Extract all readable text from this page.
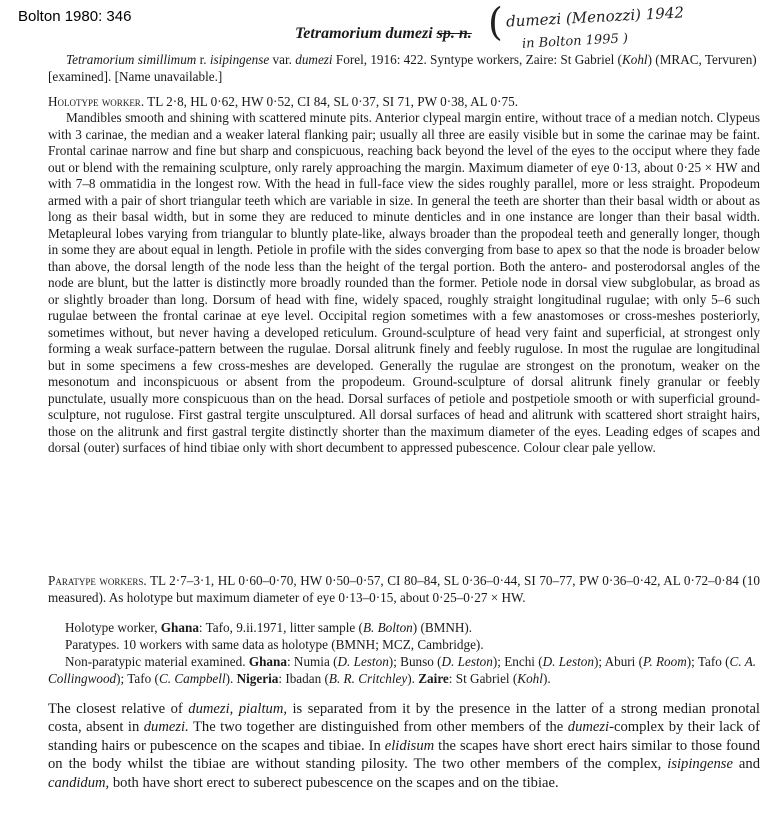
Bolton 1980: 346
Tetramorium dumezi sp. n. ( dumezi (Menozzi) 1942
in Bolton 1995 )

Tetramorium simillimum r. isipingense var. dumezi Forel, 1916: 422. Syntype workers, Zaire: St Gabriel (Kohl) (MRAC, Tervuren) [examined]. [Name unavailable.]

Holotype worker. TL 2·8, HL 0·62, HW 0·52, CI 84, SL 0·37, SI 71, PW 0·38, AL 0·75.

Mandibles smooth and shining with scattered minute pits. Anterior clypeal margin entire, without trace of a median notch. Clypeus with 3 carinae, the median and a weaker lateral flanking pair; usually all three are easily visible but in some the carinae may be faint. Frontal carinae narrow and fine but sharp and conspicuous, reaching back beyond the level of the eyes to the occiput where they fade out or blend with the remaining sculpture, only rarely approaching the margin. Maximum diameter of eye 0·13, about 0·25 × HW and with 7–8 ommatidia in the longest row. With the head in full-face view the sides roughly parallel, more or less straight. Propodeum armed with a pair of short triangular teeth which are variable in size. In general the teeth are shorter than their basal width or about as long as their basal width, but in some they are reduced to minute denticles and in one instance are longer than their basal width. Metapleural lobes varying from triangular to bluntly plate-like, always broader than the propodeal teeth and generally longer, though in some they are about equal in length. Petiole in profile with the sides converging from base to apex so that the node is broader below than above, the dorsal length of the node less than the height of the tergal portion. Both the antero- and posterodorsal angles of the node are blunt, but the latter is distinctly more broadly rounded than the former. Petiole node in dorsal view subglobular, as broad as or slightly broader than long. Dorsum of head with fine, widely spaced, roughly straight longitudinal rugulae; with only 5–6 such rugulae between the frontal carinae at eye level. Occipital region sometimes with a few anastomoses or cross-meshes posteriorly, sometimes without, but never having a developed reticulum. Ground-sculpture of head very faint and superficial, at strongest only forming a weak surface-pattern between the rugulae. Dorsal alitrunk finely and feebly rugulose. In most the rugulae are longitudinal but in some specimens a few cross-meshes are developed. Generally the rugulae are strongest on the pronotum, weaker on the mesonotum and inconspicuous or absent from the propodeum. Ground-sculpture of dorsal alitrunk finely granular or feebly punctulate, usually more conspicuous than on the head. Dorsal surfaces of petiole and postpetiole smooth or with superficial ground-sculpture, not rugulose. First gastral tergite unsculptured. All dorsal surfaces of head and alitrunk with scattered short straight hairs, those on the alitrunk and first gastral tergite distinctly shorter than the maximum diameter of the eyes. Leading edges of scapes and dorsal (outer) surfaces of hind tibiae only with short decumbent to appressed pubescence. Colour clear pale yellow.

Paratype workers. TL 2·7–3·1, HL 0·60–0·70, HW 0·50–0·57, CI 80–84, SL 0·36–0·44, SI 70–77, PW 0·36–0·42, AL 0·72–0·84 (10 measured). As holotype but maximum diameter of eye 0·13–0·15, about 0·25–0·27 × HW.

Holotype worker, Ghana: Tafo, 9.ii.1971, litter sample (B. Bolton) (BMNH).

Paratypes. 10 workers with same data as holotype (BMNH; MCZ, Cambridge).

Non-paratypic material examined. Ghana: Numia (D. Leston); Bunso (D. Leston); Enchi (D. Leston); Aburi (P. Room); Tafo (C. A. Collingwood); Tafo (C. Campbell). Nigeria: Ibadan (B. R. Critchley). Zaire: St Gabriel (Kohl).

The closest relative of dumezi, pialtum, is separated from it by the presence in the latter of a strong median pronotal costa, absent in dumezi. The two together are distinguished from other members of the dumezi-complex by their lack of standing hairs or pubescence on the scapes and tibiae. In elidisum the scapes have short erect hairs similar to those found on the body whilst the tibiae are without standing pilosity. The two other members of the complex, isipingense and candidum, both have short erect to suberect pubescence on the scapes and on the tibiae.
